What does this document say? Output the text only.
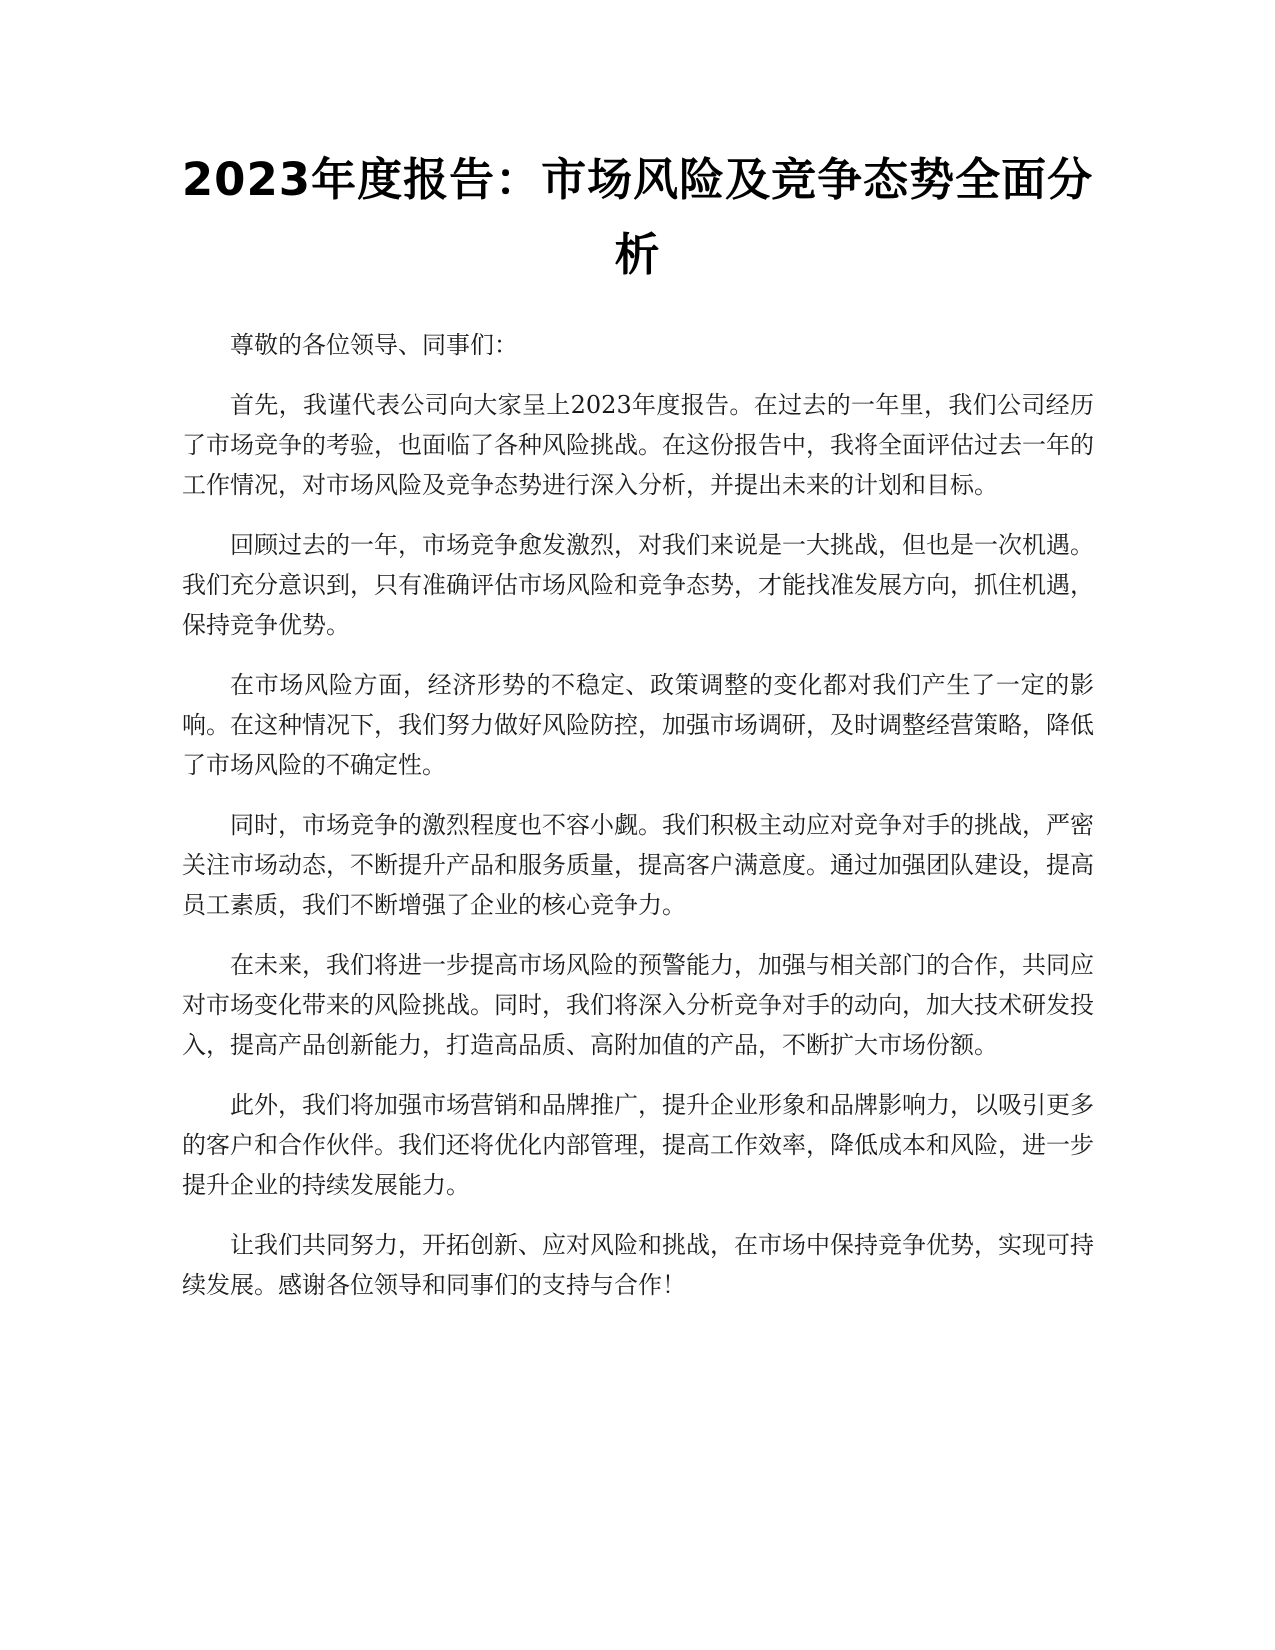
2023年度报告：市场风险及竞争态势全面分析

尊敬的各位领导、同事们：

首先，我谨代表公司向大家呈上2023年度报告。在过去的一年里，我们公司经历了市场竞争的考验，也面临了各种风险挑战。在这份报告中，我将全面评估过去一年的工作情况，对市场风险及竞争态势进行深入分析，并提出未来的计划和目标。

回顾过去的一年，市场竞争愈发激烈，对我们来说是一大挑战，但也是一次机遇。我们充分意识到，只有准确评估市场风险和竞争态势，才能找准发展方向，抓住机遇，保持竞争优势。

在市场风险方面，经济形势的不稳定、政策调整的变化都对我们产生了一定的影响。在这种情况下，我们努力做好风险防控，加强市场调研，及时调整经营策略，降低了市场风险的不确定性。

同时，市场竞争的激烈程度也不容小觑。我们积极主动应对竞争对手的挑战，严密关注市场动态，不断提升产品和服务质量，提高客户满意度。通过加强团队建设，提高员工素质，我们不断增强了企业的核心竞争力。

在未来，我们将进一步提高市场风险的预警能力，加强与相关部门的合作，共同应对市场变化带来的风险挑战。同时，我们将深入分析竞争对手的动向，加大技术研发投入，提高产品创新能力，打造高品质、高附加值的产品，不断扩大市场份额。

此外，我们将加强市场营销和品牌推广，提升企业形象和品牌影响力，以吸引更多的客户和合作伙伴。我们还将优化内部管理，提高工作效率，降低成本和风险，进一步提升企业的持续发展能力。

让我们共同努力，开拓创新、应对风险和挑战，在市场中保持竞争优势，实现可持续发展。感谢各位领导和同事们的支持与合作！
